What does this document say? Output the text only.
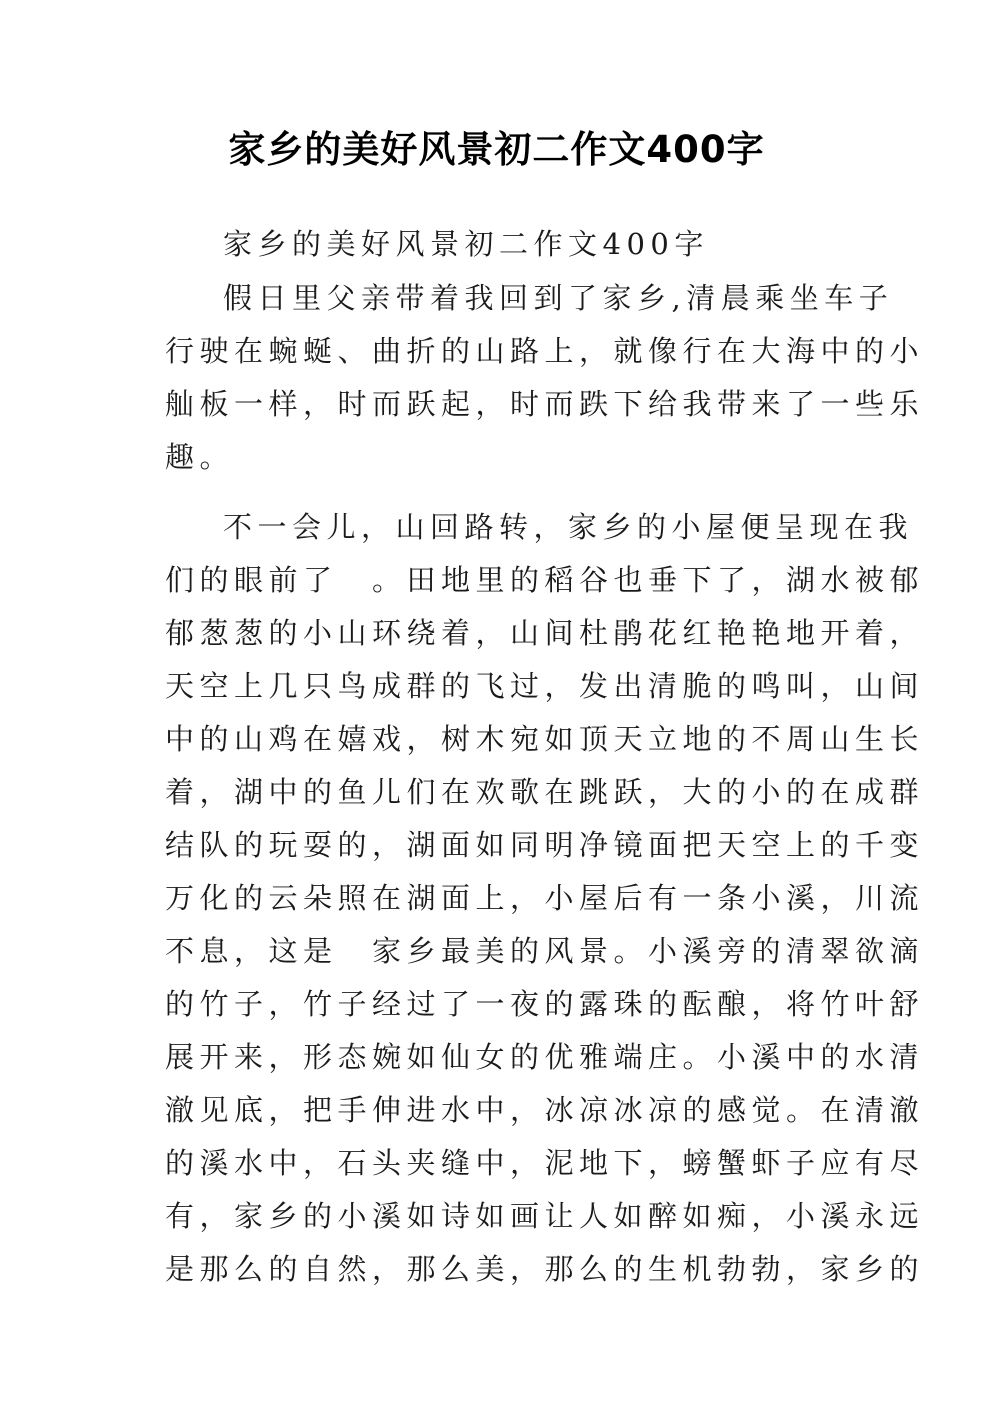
家乡的美好风景初二作文400字
家乡的美好风景初二作文400字
假日里父亲带着我回到了家乡,清晨乘坐车子
行驶在蜿蜒、曲折的山路上，就像行在大海中的小
舢板一样，时而跃起，时而跌下给我带来了一些乐
趣。
不一会儿，山回路转，家乡的小屋便呈现在我
们的眼前了　。田地里的稻谷也垂下了，湖水被郁
郁葱葱的小山环绕着，山间杜鹃花红艳艳地开着，
天空上几只鸟成群的飞过，发出清脆的鸣叫，山间
中的山鸡在嬉戏，树木宛如顶天立地的不周山生长
着，湖中的鱼儿们在欢歌在跳跃，大的小的在成群
结队的玩耍的，湖面如同明净镜面把天空上的千变
万化的云朵照在湖面上，小屋后有一条小溪，川流
不息，这是　家乡最美的风景。小溪旁的清翠欲滴
的竹子，竹子经过了一夜的露珠的酝酿，将竹叶舒
展开来，形态婉如仙女的优雅端庄。小溪中的水清
澈见底，把手伸进水中，冰凉冰凉的感觉。在清澈
的溪水中，石头夹缝中，泥地下，螃蟹虾子应有尽
有，家乡的小溪如诗如画让人如醉如痴，小溪永远
是那么的自然，那么美，那么的生机勃勃，家乡的
